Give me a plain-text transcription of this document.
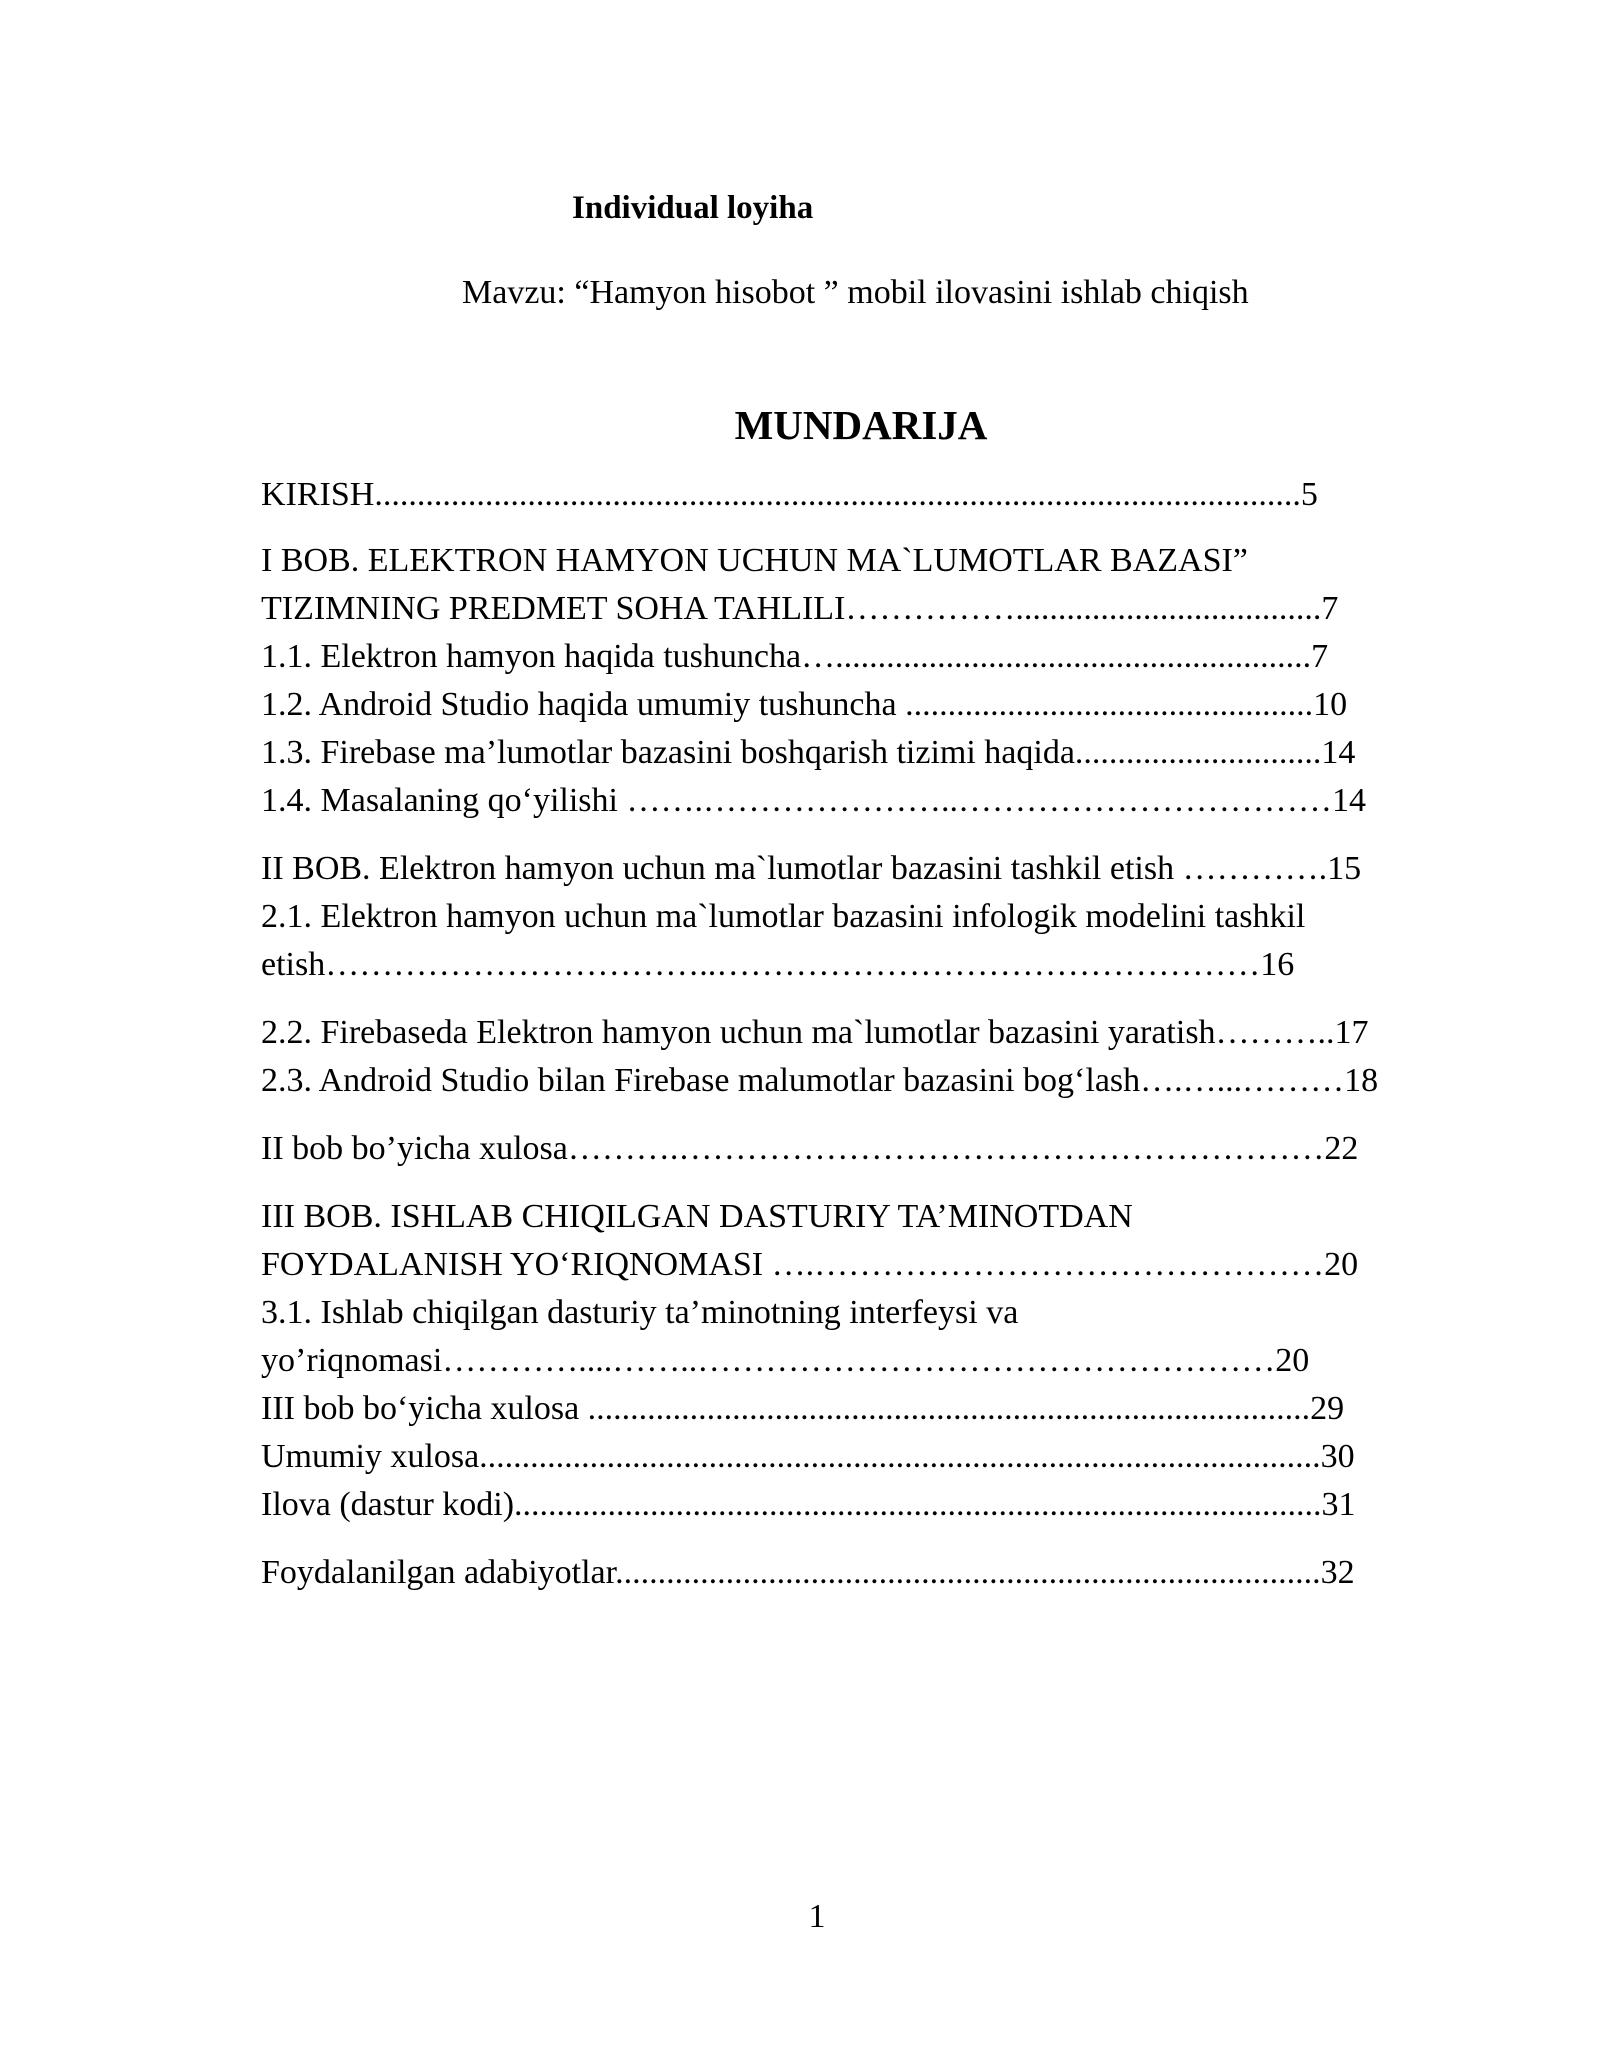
Individual loyiha
Mavzu: “Hamyon hisobot ” mobil ilovasini ishlab chiqish
MUNDARIJA
KIRISH.............................................................................................................5
I BOB. ELEKTRON HAMYON UCHUN MA`LUMOTLAR BAZASI”
TIZIMNING PREDMET SOHA TAHLILI……………....................................7
1.1. Elektron hamyon haqida tushuncha…........................................................7
1.2. Android Studio haqida umumiy tushuncha ................................................10
1.3. Firebase ma’lumotlar bazasini boshqarish tizimi haqida.............................14
1.4. Masalaning qo‘yilishi …….…………………..……………………………14
II BOB. Elektron hamyon uchun ma`lumotlar bazasini tashkil etish ………….15
2.1. Elektron hamyon uchun ma`lumotlar bazasini infologik modelini tashkil
etish……………………………..…………………………………………16
2.2. Firebaseda Elektron hamyon uchun ma`lumotlar bazasini yaratish………..17
2.3. Android Studio bilan Firebase malumotlar bazasini bog‘lash….…...………18
II bob bo’yicha xulosa……….…………………………………………………22
III BOB. ISHLAB CHIQILGAN DASTURIY TA’MINOTDAN
FOYDALANISH YO‘RIQNOMASI ….………………………………………20
3.1. Ishlab chiqilgan dasturiy ta’minotning interfeysi va
yo’riqnomasi…………....……..……………………………………………20
III bob bo‘yicha xulosa .....................................................................................29
Umumiy xulosa...................................................................................................30
Ilova (dastur kodi)...............................................................................................31
Foydalanilgan adabiyotlar...................................................................................32
1
